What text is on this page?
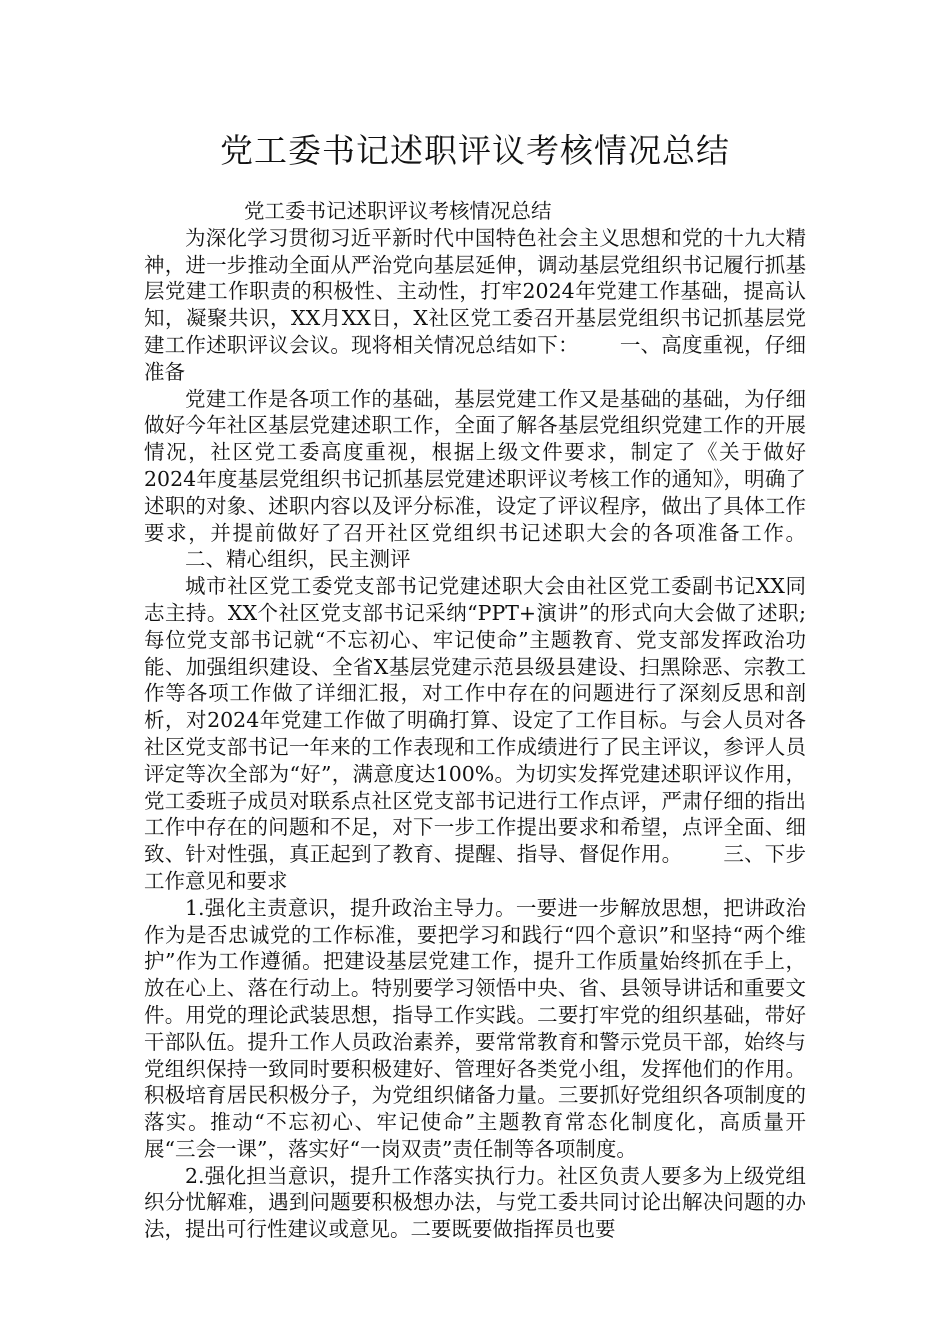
党工委书记述职评议考核情况总结

党工委书记述职评议考核情况总结

为深化学习贯彻习近平新时代中国特色社会主义思想和党的十九大精神，进一步推动全面从严治党向基层延伸，调动基层党组织书记履行抓基层党建工作职责的积极性、主动性，打牢2024年党建工作基础，提高认知，凝聚共识，XX月XX日，X社区党工委召开基层党组织书记抓基层党建工作述职评议会议。现将相关情况总结如下： 一、高度重视，仔细准备

党建工作是各项工作的基础，基层党建工作又是基础的基础，为仔细做好今年社区基层党建述职工作，全面了解各基层党组织党建工作的开展情况，社区党工委高度重视，根据上级文件要求，制定了《关于做好2024年度基层党组织书记抓基层党建述职评议考核工作的通知》，明确了述职的对象、述职内容以及评分标准，设定了评议程序，做出了具体工作要求，并提前做好了召开社区党组织书记述职大会的各项准备工作。二、精心组织，民主测评

城市社区党工委党支部书记党建述职大会由社区党工委副书记XX同志主持。XX个社区党支部书记采纳“PPT+演讲”的形式向大会做了述职;每位党支部书记就“不忘初心、牢记使命”主题教育、党支部发挥政治功能、加强组织建设、全省X基层党建示范县级县建设、扫黑除恶、宗教工作等各项工作做了详细汇报，对工作中存在的问题进行了深刻反思和剖析，对2024年党建工作做了明确打算、设定了工作目标。与会人员对各社区党支部书记一年来的工作表现和工作成绩进行了民主评议，参评人员评定等次全部为“好”，满意度达100%。为切实发挥党建述职评议作用，党工委班子成员对联系点社区党支部书记进行工作点评，严肃仔细的指出工作中存在的问题和不足，对下一步工作提出要求和希望，点评全面、细致、针对性强，真正起到了教育、提醒、指导、督促作用。 三、下步工作意见和要求

1.强化主责意识，提升政治主导力。一要进一步解放思想，把讲政治作为是否忠诚党的工作标准，要把学习和践行“四个意识”和坚持“两个维护”作为工作遵循。把建设基层党建工作，提升工作质量始终抓在手上，放在心上、落在行动上。特别要学习领悟中央、省、县领导讲话和重要文件。用党的理论武装思想，指导工作实践。二要打牢党的组织基础，带好干部队伍。提升工作人员政治素养，要常常教育和警示党员干部，始终与党组织保持一致同时要积极建好、管理好各类党小组，发挥他们的作用。积极培育居民积极分子，为党组织储备力量。三要抓好党组织各项制度的落实。推动“不忘初心、牢记使命”主题教育常态化制度化，高质量开展“三会一课”，落实好“一岗双责”责任制等各项制度。

2.强化担当意识，提升工作落实执行力。社区负责人要多为上级党组织分忧解难，遇到问题要积极想办法，与党工委共同讨论出解决问题的办法，提出可行性建议或意见。二要既要做指挥员也要
